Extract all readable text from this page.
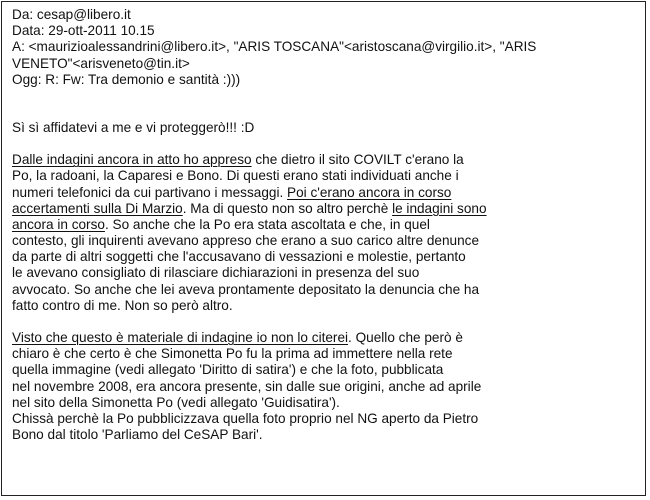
Da: cesap@libero.it
Data: 29-ott-2011 10.15
A: <maurizioalessandrini@libero.it>, "ARIS TOSCANA"<aristoscana@virgilio.it>, "ARIS
VENETO"<arisveneto@tin.it>
Ogg: R: Fw: Tra demonio e santità :)))
Sì sì affidatevi a me e vi proteggerò!!! :D
Dalle indagini ancora in atto ho appreso che dietro il sito COVILT c'erano la
Po, la radoani, la Caparesi e Bono. Di questi erano stati individuati anche i
numeri telefonici da cui partivano i messaggi. Poi c'erano ancora in corso
accertamenti sulla Di Marzio. Ma di questo non so altro perchè le indagini sono
ancora in corso. So anche che la Po era stata ascoltata e che, in quel
contesto, gli inquirenti avevano appreso che erano a suo carico altre denunce
da parte di altri soggetti che l'accusavano di vessazioni e molestie, pertanto
le avevano consigliato di rilasciare dichiarazioni in presenza del suo
avvocato. So anche che lei aveva prontamente depositato la denuncia che ha
fatto contro di me. Non so però altro.
Visto che questo è materiale di indagine io non lo citerei. Quello che però è
chiaro è che certo è che Simonetta Po fu la prima ad immettere nella rete
quella immagine (vedi allegato 'Diritto di satira') e che la foto, pubblicata
nel novembre 2008, era ancora presente, sin dalle sue origini, anche ad aprile
nel sito della Simonetta Po (vedi allegato 'Guidisatira').
Chissà perchè la Po pubblicizzava quella foto proprio nel NG aperto da Pietro
Bono dal titolo 'Parliamo del CeSAP Bari'.
